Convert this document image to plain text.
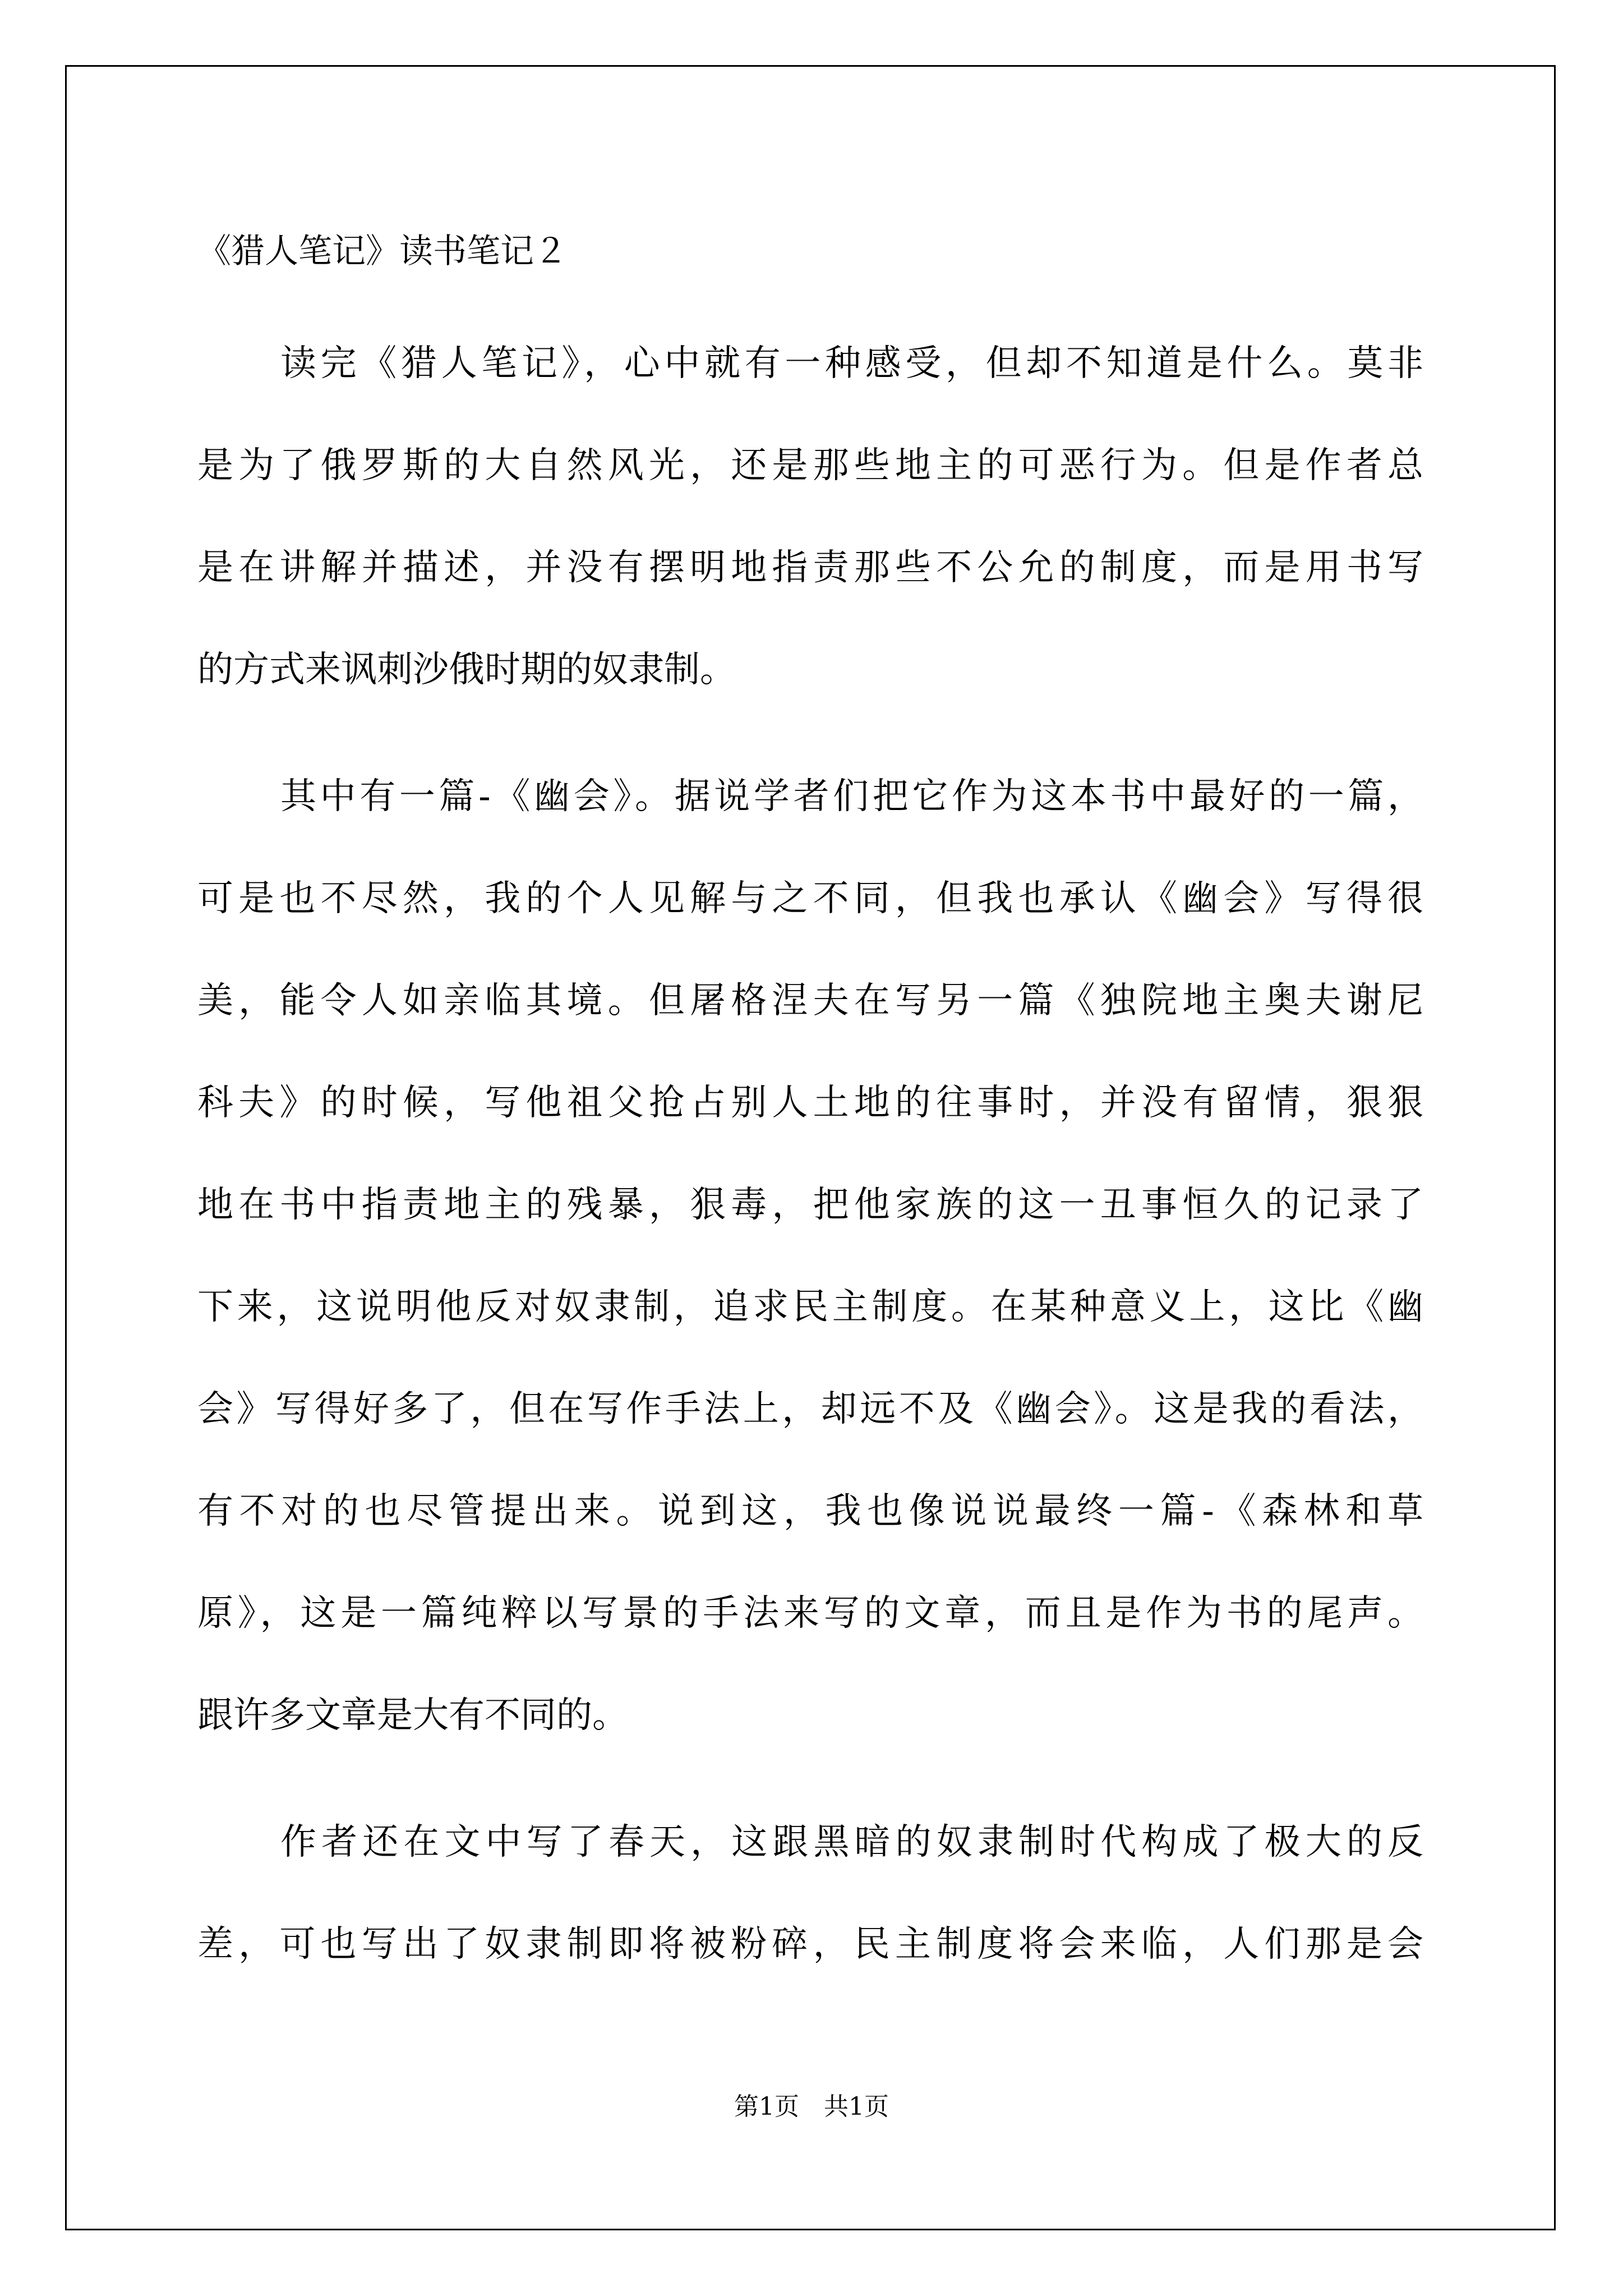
《猎人笔记》读书笔记２

读完《猎人笔记》，心中就有一种感受，但却不知道是什么。莫非

是为了俄罗斯的大自然风光，还是那些地主的可恶行为。但是作者总

是在讲解并描述，并没有摆明地指责那些不公允的制度，而是用书写

的方式来讽刺沙俄时期的奴隶制。

其中有一篇-《幽会》。据说学者们把它作为这本书中最好的一篇，

可是也不尽然，我的个人见解与之不同，但我也承认《幽会》写得很

美，能令人如亲临其境。但屠格涅夫在写另一篇《独院地主奥夫谢尼

科夫》的时候，写他祖父抢占别人土地的往事时，并没有留情，狠狠

地在书中指责地主的残暴，狠毒，把他家族的这一丑事恒久的记录了

下来，这说明他反对奴隶制，追求民主制度。在某种意义上，这比《幽

会》写得好多了，但在写作手法上，却远不及《幽会》。这是我的看法，

有不对的也尽管提出来。说到这，我也像说说最终一篇-《森林和草

原》，这是一篇纯粹以写景的手法来写的文章，而且是作为书的尾声。

跟许多文章是大有不同的。

作者还在文中写了春天，这跟黑暗的奴隶制时代构成了极大的反

差，可也写出了奴隶制即将被粉碎，民主制度将会来临，人们那是会

第1页　共1页
